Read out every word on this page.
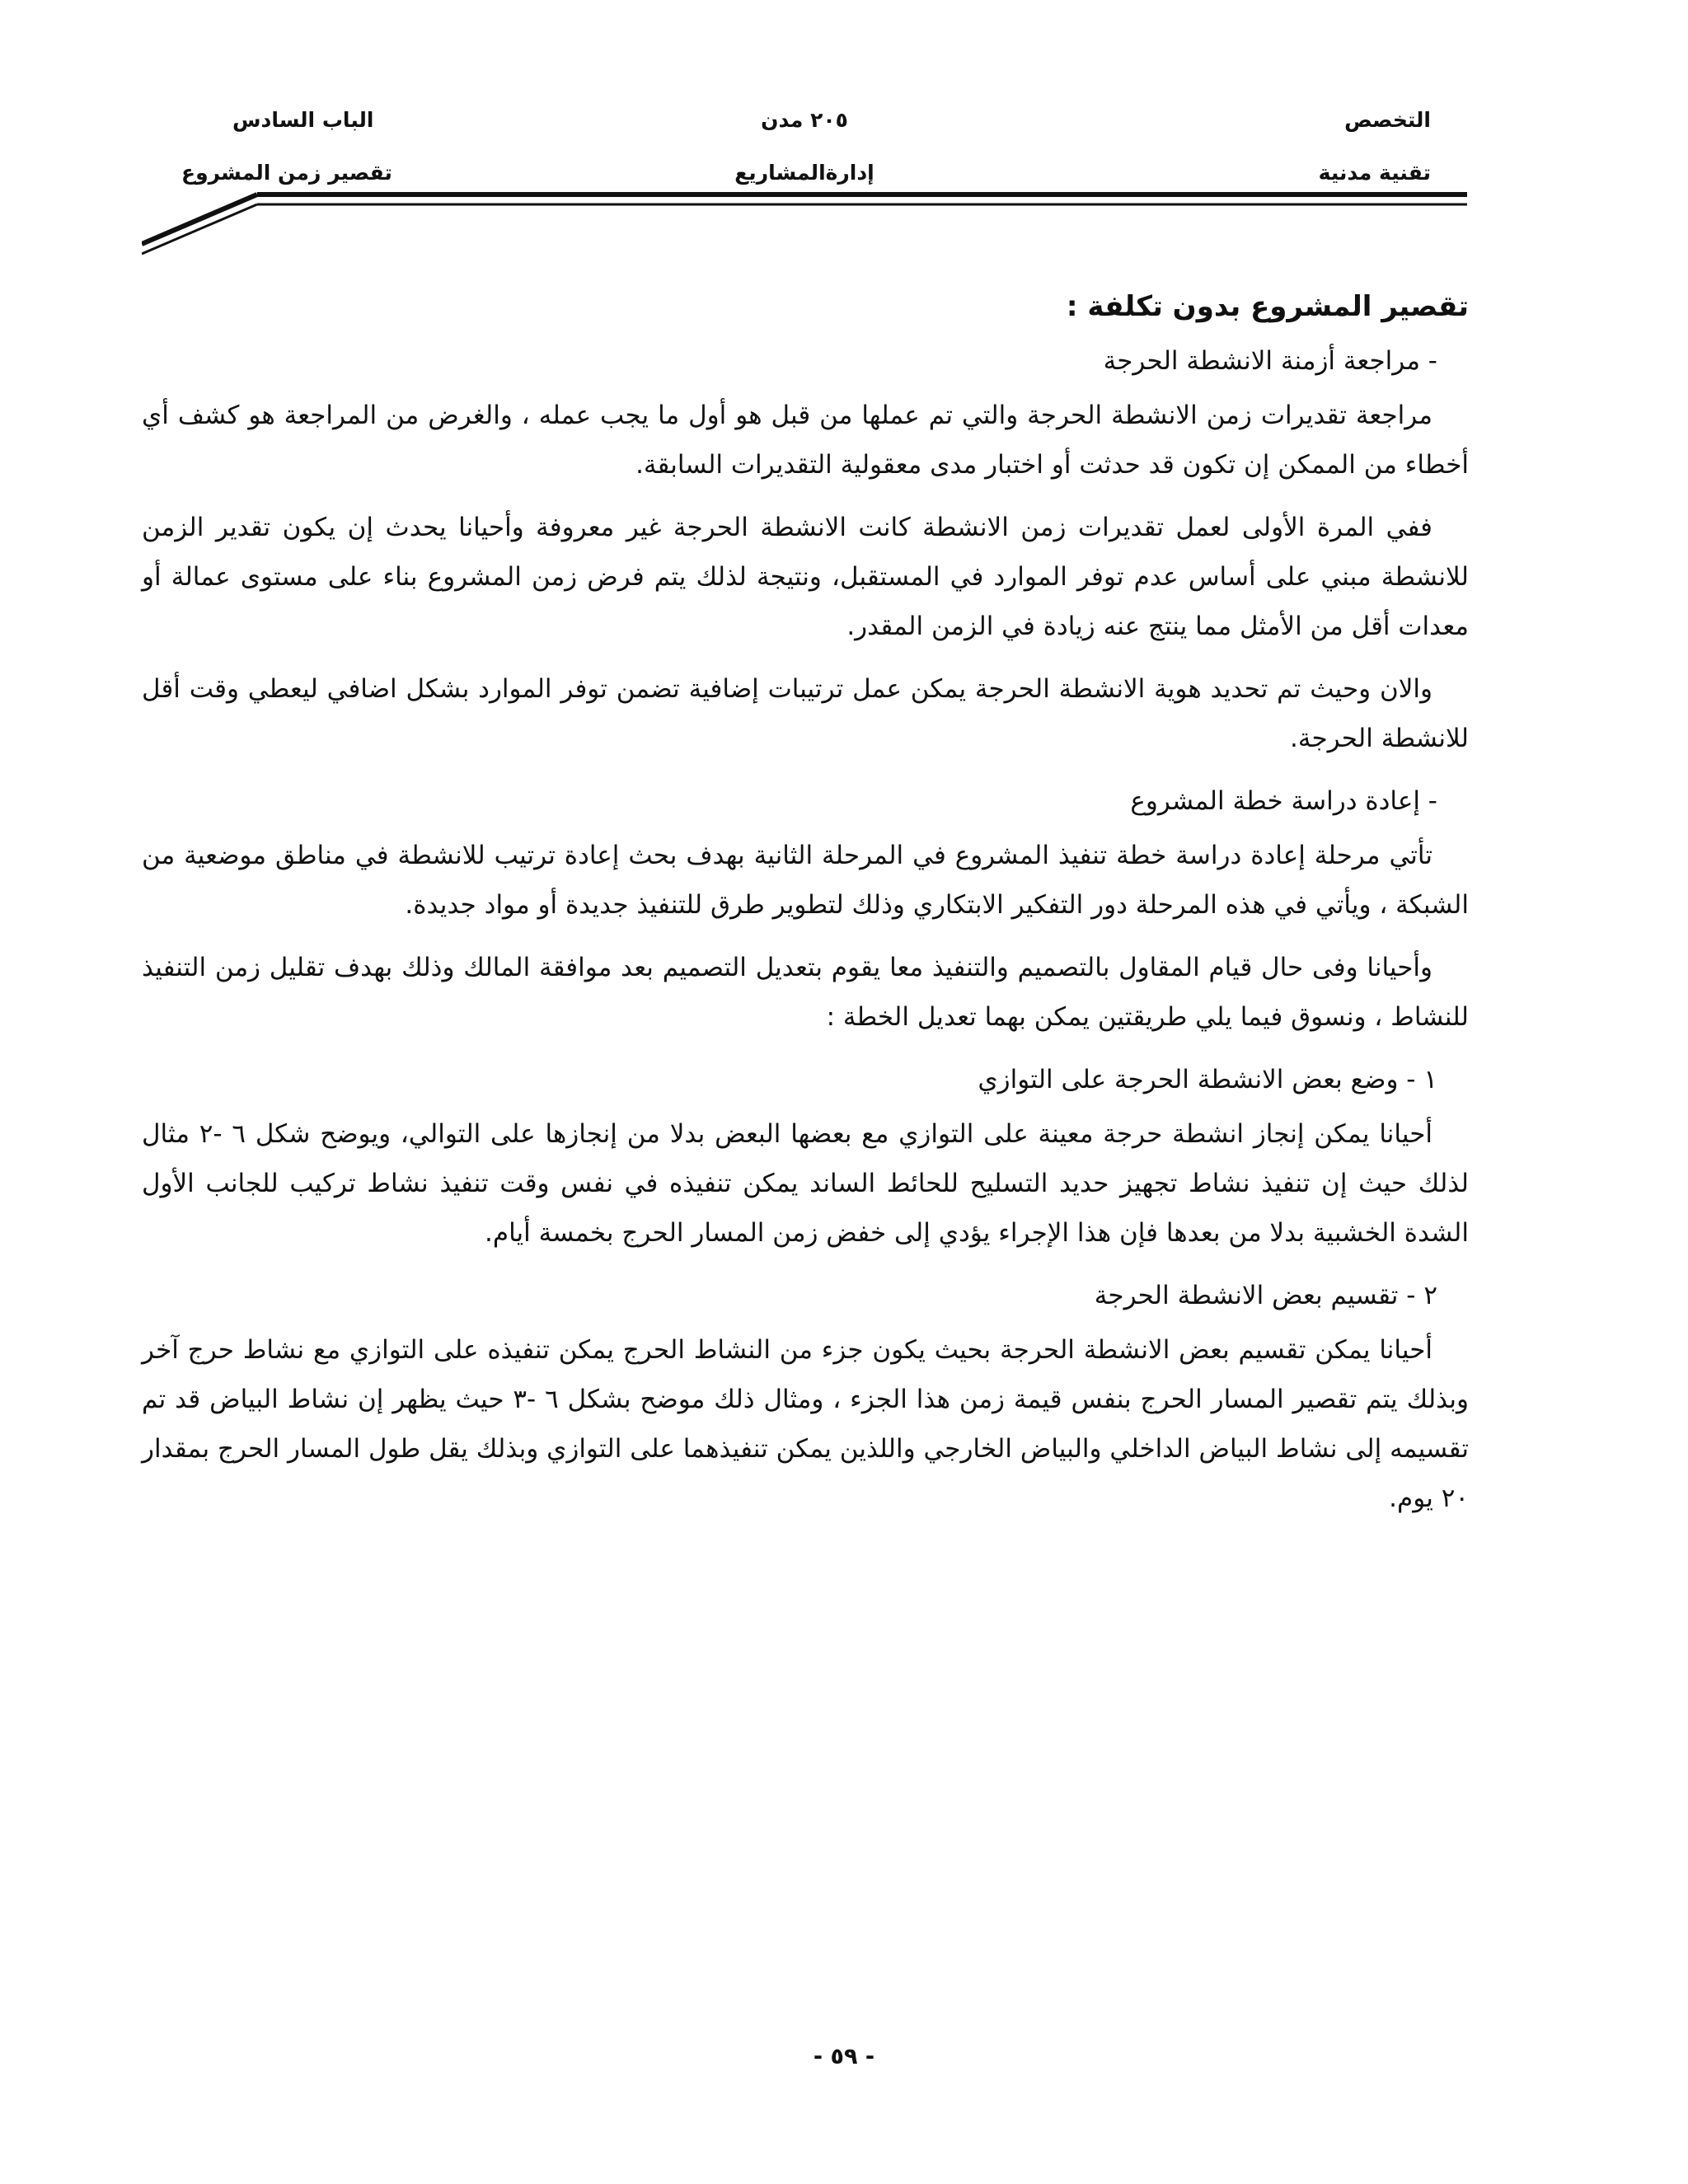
التخصص
تقنية مدنية
٢٠٥ مدن
إدارةالمشاريع
الباب السادس
تقصير زمن المشروع
تقصير المشروع بدون تكلفة :
- مراجعة أزمنة الانشطة الحرجة

مراجعة تقديرات زمن الانشطة الحرجة والتي تم عملها من قبل هو أول ما يجب عمله ، والغرض من المراجعة هو كشف أي أخطاء من الممكن إن تكون قد حدثت أو اختبار مدى معقولية التقديرات السابقة.

ففي المرة الأولى لعمل تقديرات زمن الانشطة كانت الانشطة الحرجة غير معروفة وأحيانا يحدث إن يكون تقدير الزمن للانشطة مبني على أساس عدم توفر الموارد في المستقبل، ونتيجة لذلك يتم فرض زمن المشروع بناء على مستوى عمالة أو معدات أقل من الأمثل مما ينتج عنه زيادة في الزمن المقدر.

والان وحيث تم تحديد هوية الانشطة الحرجة يمكن عمل ترتيبات إضافية تضمن توفر الموارد بشكل اضافي ليعطي وقت أقل للانشطة الحرجة.

- إعادة دراسة خطة المشروع

تأتي مرحلة إعادة دراسة خطة تنفيذ المشروع في المرحلة الثانية بهدف بحث إعادة ترتيب للانشطة في مناطق موضعية من الشبكة ، ويأتي في هذه المرحلة دور التفكير الابتكاري وذلك لتطوير طرق للتنفيذ جديدة أو مواد جديدة.

وأحيانا وفى حال قيام المقاول بالتصميم والتنفيذ معا يقوم بتعديل التصميم بعد موافقة المالك وذلك بهدف تقليل زمن التنفيذ للنشاط ، ونسوق فيما يلي طريقتين يمكن بهما تعديل الخطة :

١ - وضع بعض الانشطة الحرجة على التوازي

أحيانا يمكن إنجاز انشطة حرجة معينة على التوازي مع بعضها البعض بدلا من إنجازها على التوالي، ويوضح شكل ٦ -٢ مثال لذلك حيث إن تنفيذ نشاط تجهيز حديد التسليح للحائط الساند يمكن تنفيذه في نفس وقت تنفيذ نشاط تركيب للجانب الأول الشدة الخشبية بدلا من بعدها فإن هذا الإجراء يؤدي إلى خفض زمن المسار الحرج بخمسة أيام.

٢ - تقسيم بعض الانشطة الحرجة

أحيانا يمكن تقسيم بعض الانشطة الحرجة بحيث يكون جزء من النشاط الحرج يمكن تنفيذه على التوازي مع نشاط حرج آخر وبذلك يتم تقصير المسار الحرج بنفس قيمة زمن هذا الجزء ، ومثال ذلك موضح بشكل ٦ -٣ حيث يظهر إن نشاط البياض قد تم تقسيمه إلى نشاط البياض الداخلي والبياض الخارجي واللذين يمكن تنفيذهما على التوازي وبذلك يقل طول المسار الحرج بمقدار ٢٠ يوم.

- ٥٩ -
